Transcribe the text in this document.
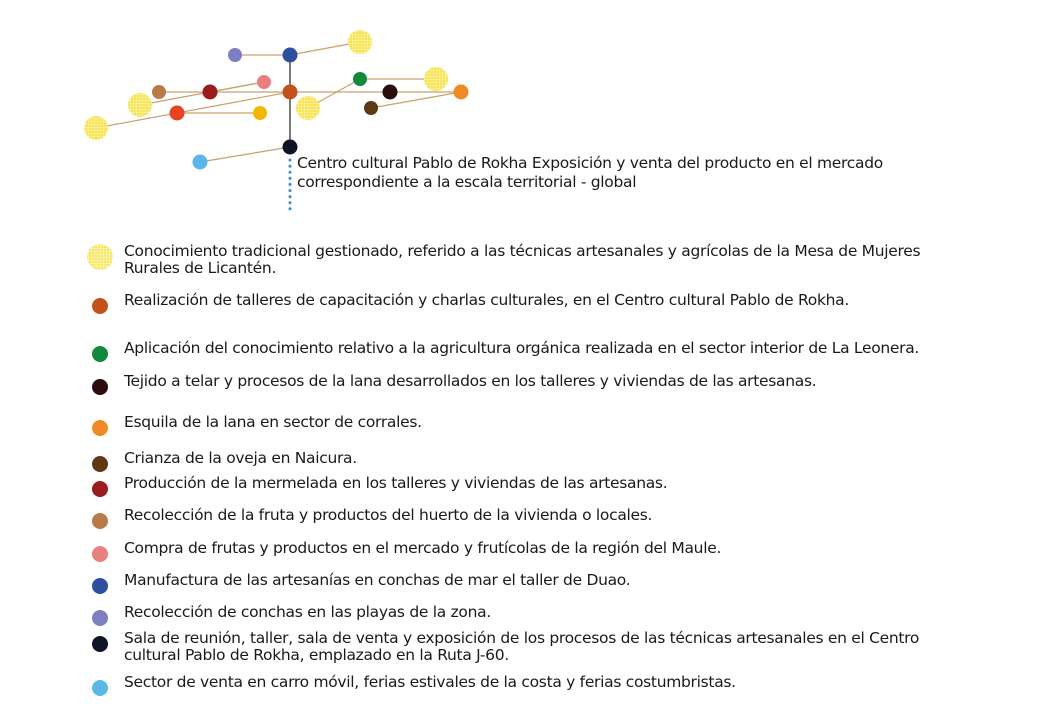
Centro cultural Pablo de Rokha Exposición y venta del producto en el mercado correspondiente a la escala territorial - global
Conocimiento tradicional gestionado, referido a las técnicas artesanales y agrícolas de la Mesa de Mujeres Rurales de Licantén.
Realización de talleres de capacitación y charlas culturales, en el Centro cultural Pablo de Rokha.
Aplicación del conocimiento relativo a la agricultura orgánica realizada en el sector interior de La Leonera.
Tejido a telar y procesos de la lana desarrollados en los talleres y viviendas de las artesanas.
Esquila de la lana en sector de corrales.
Crianza de la oveja en Naicura.
Producción de la mermelada en los talleres y viviendas de las artesanas.
Recolección de la fruta y productos del huerto de la vivienda o locales.
Compra de frutas y productos en el mercado y frutícolas de la región del Maule.
Manufactura de las artesanías en conchas de mar el taller de Duao.
Recolección de conchas en las playas de la zona.
Sala de reunión, taller, sala de venta y exposición de los procesos de las técnicas artesanales en el Centro cultural Pablo de Rokha, emplazado en la Ruta J-60.
Sector de venta en carro móvil, ferias estivales de la costa y ferias costumbristas.
